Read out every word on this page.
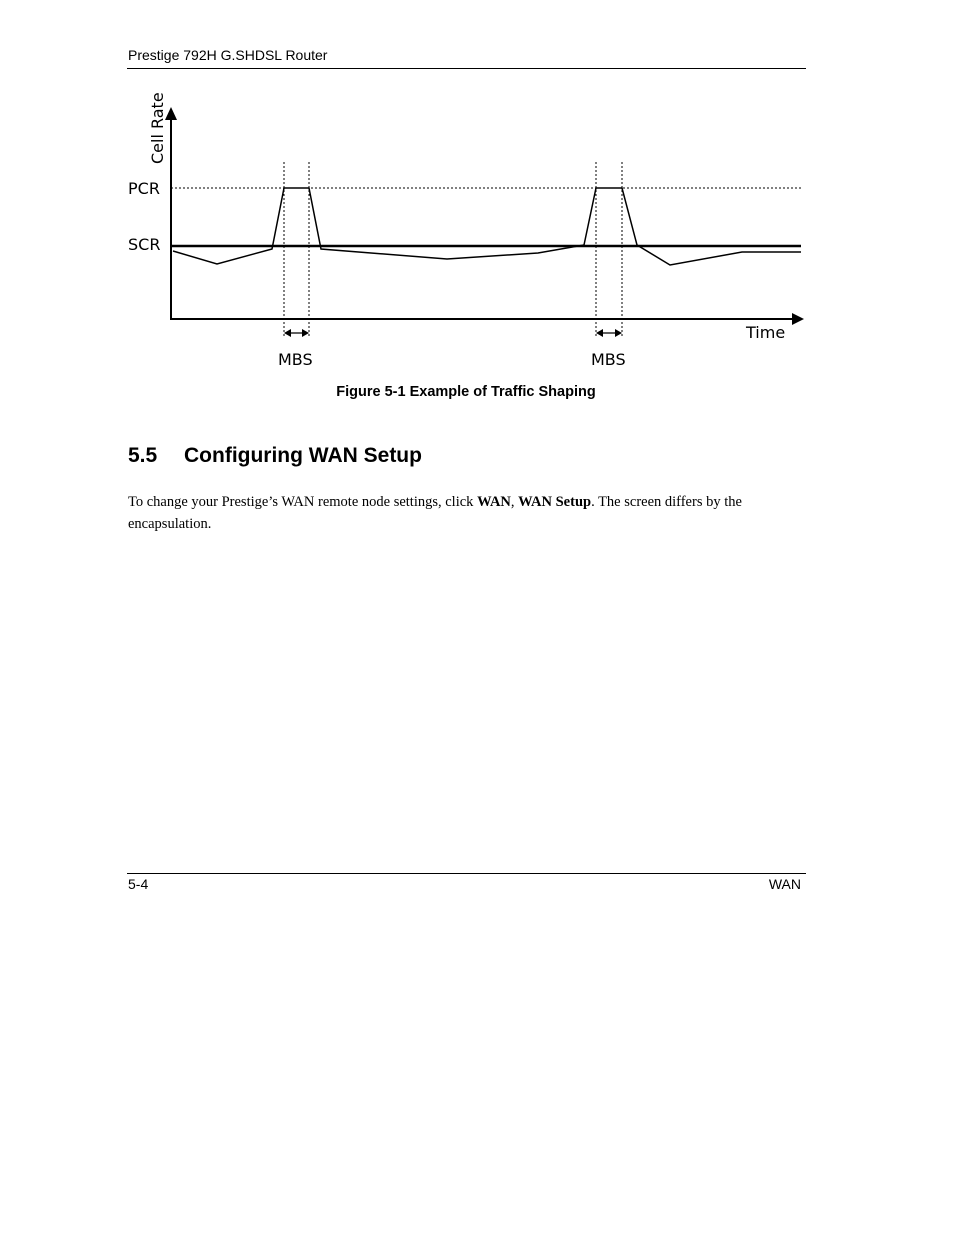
Prestige 792H G.SHDSL Router
Cell Rate
PCR
SCR
Time
MBS	MBS
Figure 5-1 Example of Traffic Shaping
5.5 Configuring WAN Setup
To change your Prestige’s WAN remote node settings, click WAN, WAN Setup. The screen differs by the encapsulation.
5-4	WAN
